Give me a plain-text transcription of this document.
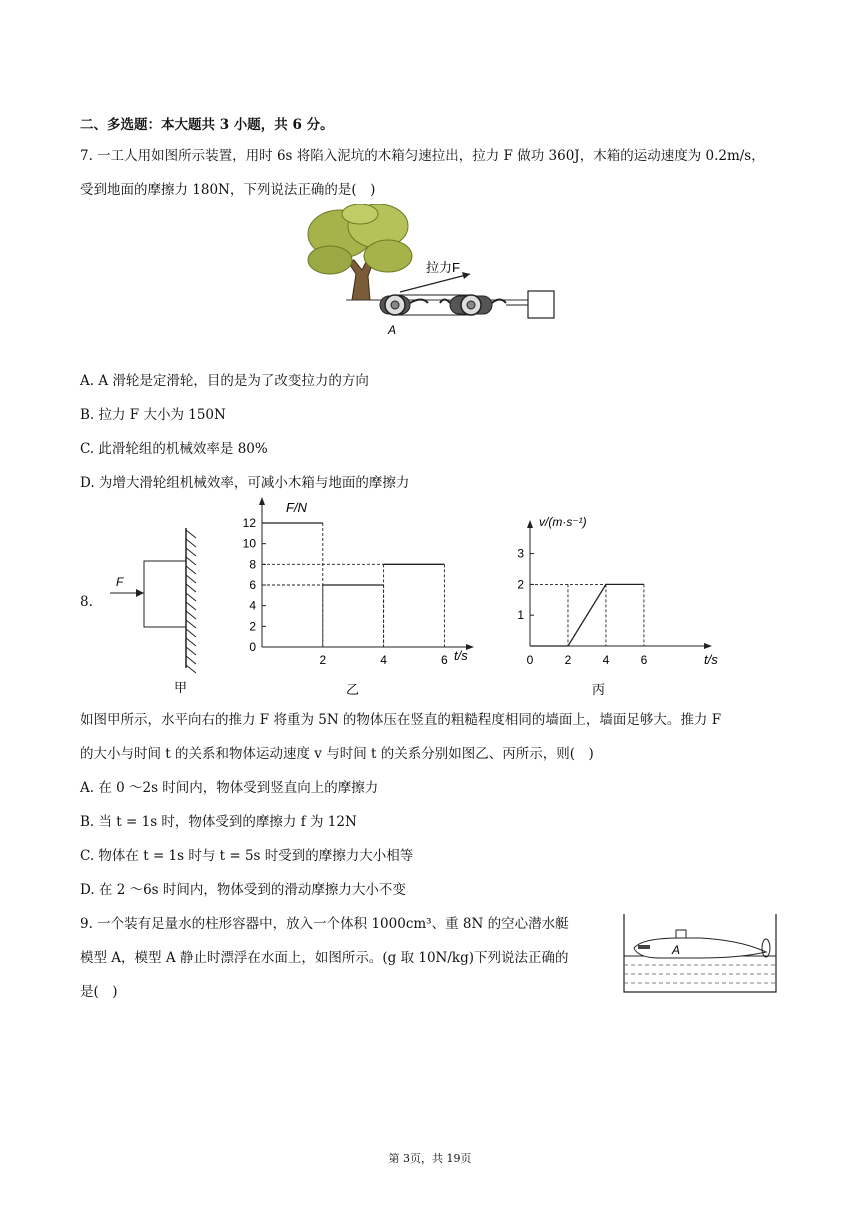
二、多选题：本大题共 3 小题，共 6 分。
7. 一工人用如图所示装置，用时 6s 将陷入泥坑的木箱匀速拉出，拉力 F 做功 360J，木箱的运动速度为 0.2m/s，
受到地面的摩擦力 180N，下列说法正确的是(　)
拉力F
A
A. A 滑轮是定滑轮，目的是为了改变拉力的方向
B. 拉力 F 大小为 150N
C. 此滑轮组的机械效率是 80%
D. 为增大滑轮组机械效率，可减小木箱与地面的摩擦力
8.
F
甲
0
2
4
6
8
10
12
2	4	6
F/N
t/s
乙
1
2
3
0	2	4	6
v/(m·s⁻¹)
t/s
丙
如图甲所示，水平向右的推力 F 将重为 5N 的物体压在竖直的粗糙程度相同的墙面上，墙面足够大。推力 F
的大小与时间 t 的关系和物体运动速度 v 与时间 t 的关系分别如图乙、丙所示，则(　)
A. 在 0 ～2s 时间内，物体受到竖直向上的摩擦力
B. 当 t = 1s 时，物体受到的摩擦力 f 为 12N
C. 物体在 t = 1s 时与 t = 5s 时受到的摩擦力大小相等
D. 在 2 ～6s 时间内，物体受到的滑动摩擦力大小不变
9. 一个装有足量水的柱形容器中，放入一个体积 1000cm³、重 8N 的空心潜水艇
模型 A，模型 A 静止时漂浮在水面上，如图所示。(g 取 10N/kg)下列说法正确的
是(　)
A
第 3页，共 19页
